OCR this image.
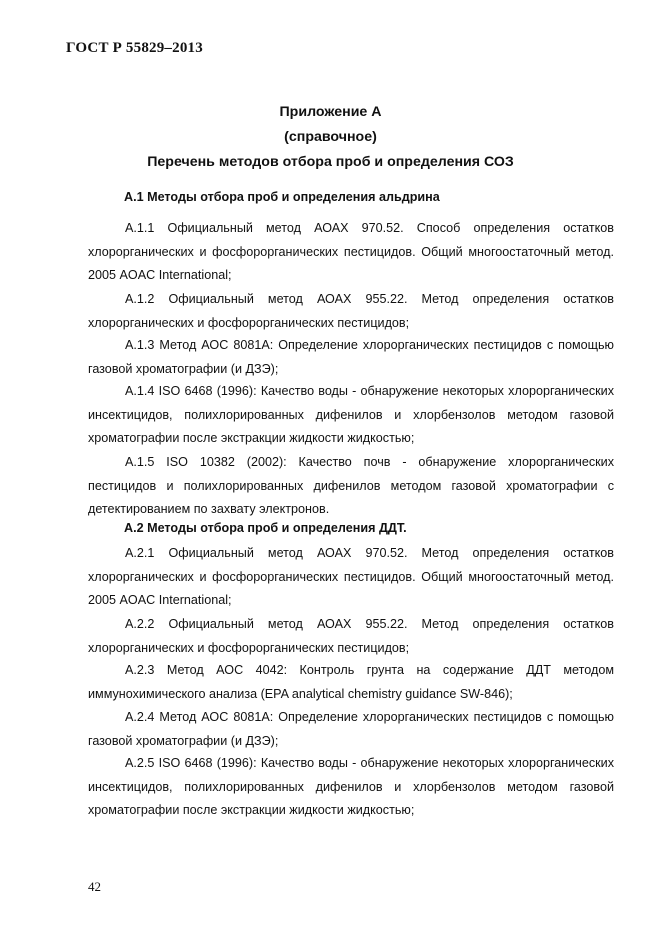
ГОСТ Р 55829–2013
Приложение А
(справочное)
Перечень методов отбора проб и определения СОЗ
А.1 Методы отбора проб и определения альдрина

А.1.1 Официальный метод АОАХ 970.52. Способ определения остатков хлорорганических и фосфорорганических пестицидов. Общий многоостаточный метод. 2005 AOAC International;

А.1.2 Официальный метод АОАХ 955.22. Метод определения остатков хлорорганических и фосфорорганических пестицидов;

А.1.3 Метод АОС 8081А: Определение хлорорганических пестицидов с помощью газовой хроматографии (и ДЗЭ);

А.1.4 ISO 6468 (1996): Качество воды - обнаружение некоторых хлорорганических инсектицидов, полихлорированных дифенилов и хлорбензолов методом газовой хроматографии после экстракции жидкости жидкостью;

А.1.5 ISO 10382 (2002): Качество почв - обнаружение хлорорганических пестицидов и полихлорированных дифенилов методом газовой хроматографии с детектированием по захвату электронов.

А.2 Методы отбора проб и определения ДДТ.

А.2.1 Официальный метод АОАХ 970.52. Метод определения остатков хлорорганических и фосфорорганических пестицидов. Общий многоостаточный метод. 2005 AOAC International;

А.2.2 Официальный метод АОАХ 955.22. Метод определения остатков хлорорганических и фосфорорганических пестицидов;

А.2.3 Метод АОС 4042: Контроль грунта на содержание ДДТ методом иммунохимического анализа (EPA analytical chemistry guidance SW-846);

А.2.4 Метод АОС 8081А: Определение хлорорганических пестицидов с помощью газовой хроматографии (и ДЗЭ);

А.2.5 ISO 6468 (1996): Качество воды - обнаружение некоторых хлорорганических инсектицидов, полихлорированных дифенилов и хлорбензолов методом газовой хроматографии после экстракции жидкости жидкостью;

42
